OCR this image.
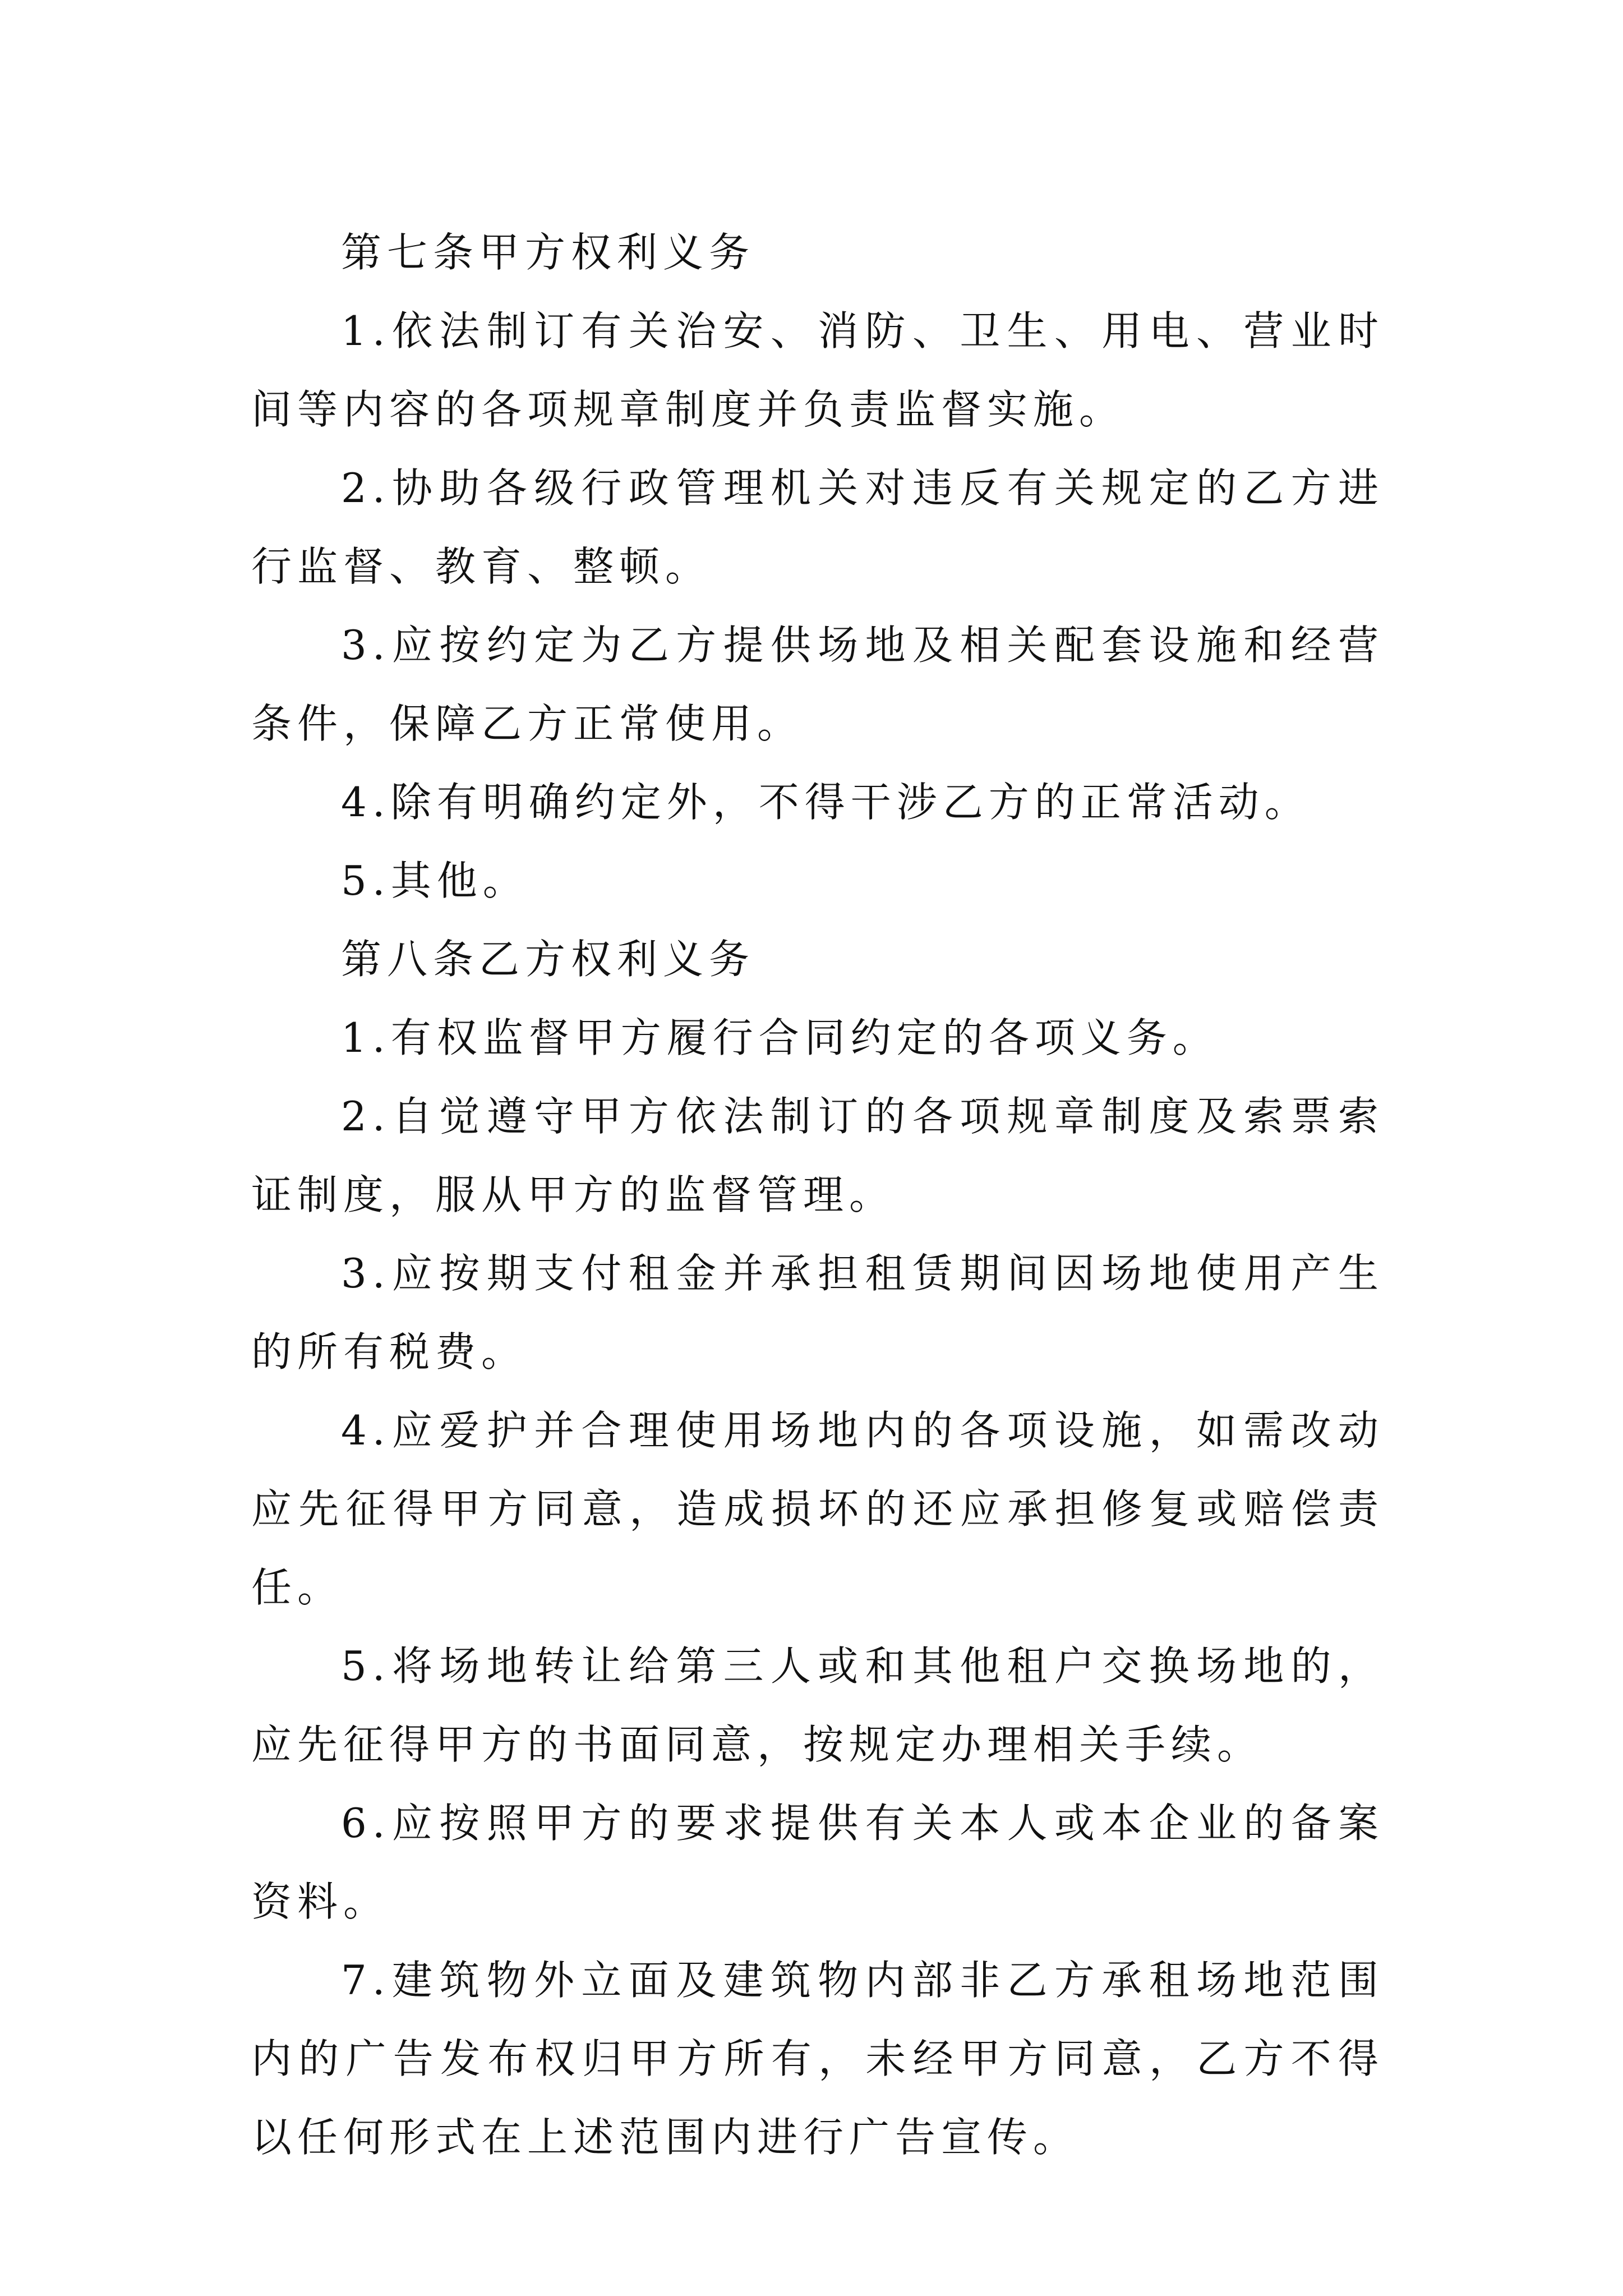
第七条甲方权利义务

1.依法制订有关治安、消防、卫生、用电、营业时间等内容的各项规章制度并负责监督实施。

2.协助各级行政管理机关对违反有关规定的乙方进行监督、教育、整顿。

3.应按约定为乙方提供场地及相关配套设施和经营条件，保障乙方正常使用。

4.除有明确约定外，不得干涉乙方的正常活动。

5.其他。

第八条乙方权利义务

1.有权监督甲方履行合同约定的各项义务。

2.自觉遵守甲方依法制订的各项规章制度及索票索证制度，服从甲方的监督管理。

3.应按期支付租金并承担租赁期间因场地使用产生的所有税费。

4.应爱护并合理使用场地内的各项设施，如需改动应先征得甲方同意，造成损坏的还应承担修复或赔偿责任。

5.将场地转让给第三人或和其他租户交换场地的，应先征得甲方的书面同意，按规定办理相关手续。

6.应按照甲方的要求提供有关本人或本企业的备案资料。

7.建筑物外立面及建筑物内部非乙方承租场地范围内的广告发布权归甲方所有，未经甲方同意，乙方不得以任何形式在上述范围内进行广告宣传。
